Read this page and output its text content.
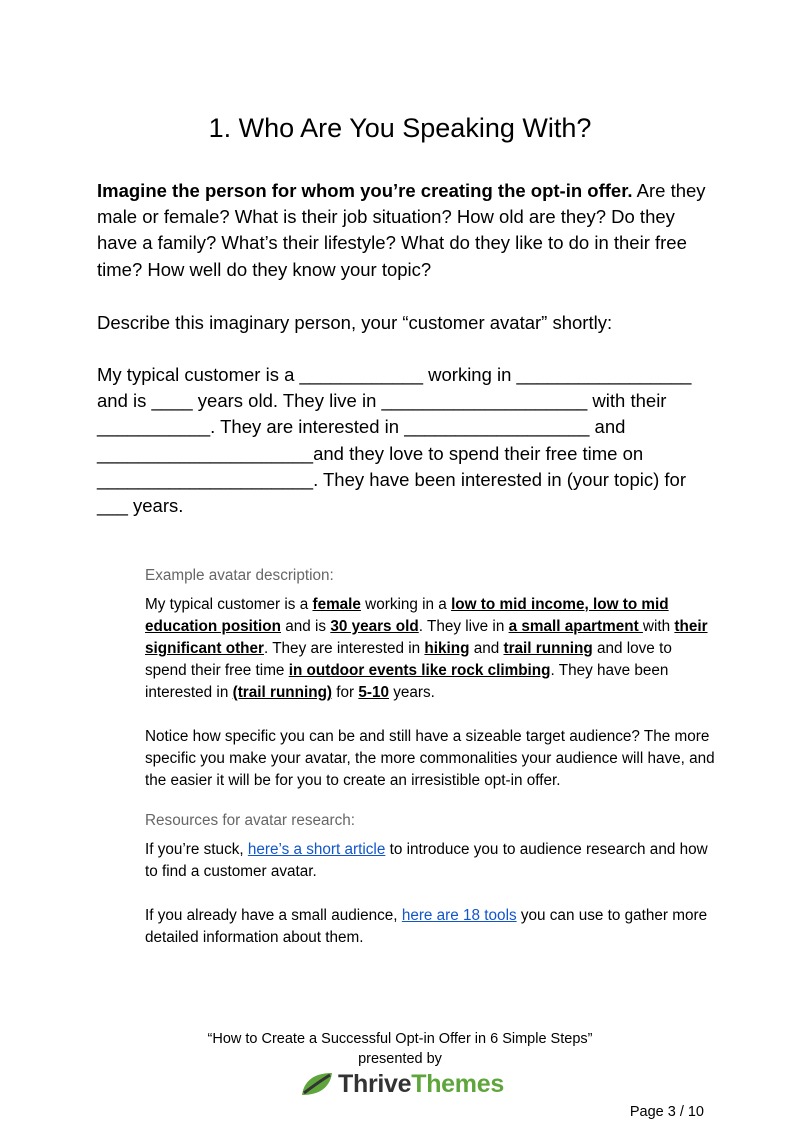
1. Who Are You Speaking With?

Imagine the person for whom you’re creating the opt-in offer. Are they male or female? What is their job situation? How old are they? Do they have a family? What’s their lifestyle? What do they like to do in their free time? How well do they know your topic?

Describe this imaginary person, your “customer avatar” shortly:

My typical customer is a ____________ working in _________________ and is ____ years old. They live in ____________________ with their ___________. They are interested in __________________ and _____________________and they love to spend their free time on _____________________. They have been interested in (your topic) for ___ years.

Example avatar description:

My typical customer is a female working in a low to mid income, low to mid education position and is 30 years old. They live in a small apartment with their significant other. They are interested in hiking and trail running and love to spend their free time in outdoor events like rock climbing. They have been interested in (trail running) for 5-10 years.

Notice how specific you can be and still have a sizeable target audience? The more specific you make your avatar, the more commonalities your audience will have, and the easier it will be for you to create an irresistible opt-in offer.

Resources for avatar research:

If you’re stuck, here’s a short article to introduce you to audience research and how to find a customer avatar.

If you already have a small audience, here are 18 tools you can use to gather more detailed information about them.

“How to Create a Successful Opt-in Offer in 6 Simple Steps”
presented by
ThriveThemes
Page 3 / 10
